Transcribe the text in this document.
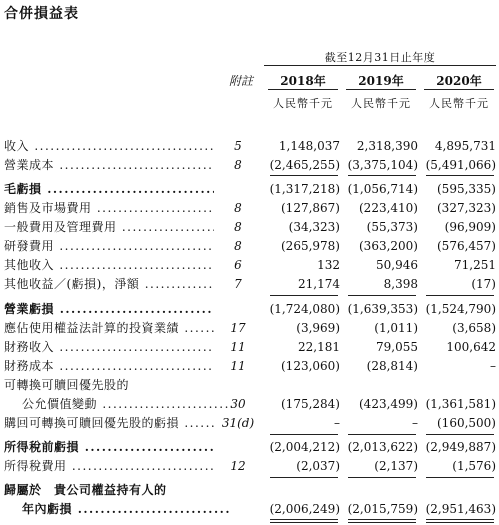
合併損益表
截至12月31日止年度
附註	2018年	2019年	2020年
人民幣千元	人民幣千元	人民幣千元
收入 .....	5	1,148,037	2,318,390	4,895,731
營業成本 .....	8	(2,465,255) (3,375,104) (5,491,066)
毛虧損 .....	(1,317,218) (1,056,714)	(595,335)
銷售及市場費用 .....	8	(127,867)	(223,410)	(327,323)
一般費用及管理費用 .....	8	(34,323)	(55,373)	(96,909)
研發費用 .....	8	(265,978)	(363,200)	(576,457)
其他收入 .....	6	132	50,946	71,251
其他收益／(虧損)，淨額 .....	7	21,174	8,398	(17)
營業虧損 .....	(1,724,080) (1,639,353) (1,524,790)
應佔使用權益法計算的投資業績 .....	17	(3,969)	(1,011)	(3,658)
財務收入 .....	11	22,181	79,055	100,642
財務成本 .....	11	(123,060)	(28,814)	–
可轉換可贖回優先股的
公允價值變動 .....	30	(175,284)	(423,499) (1,361,581)
購回可轉換可贖回優先股的虧損 .....	31(d)	–	–	(160,500)
所得稅前虧損 .....	(2,004,212) (2,013,622) (2,949,887)
所得稅費用 .....	12	(2,037)	(2,137)	(1,576)
歸屬於　貴公司權益持有人的
年內虧損 .....	(2,006,249) (2,015,759) (2,951,463)
